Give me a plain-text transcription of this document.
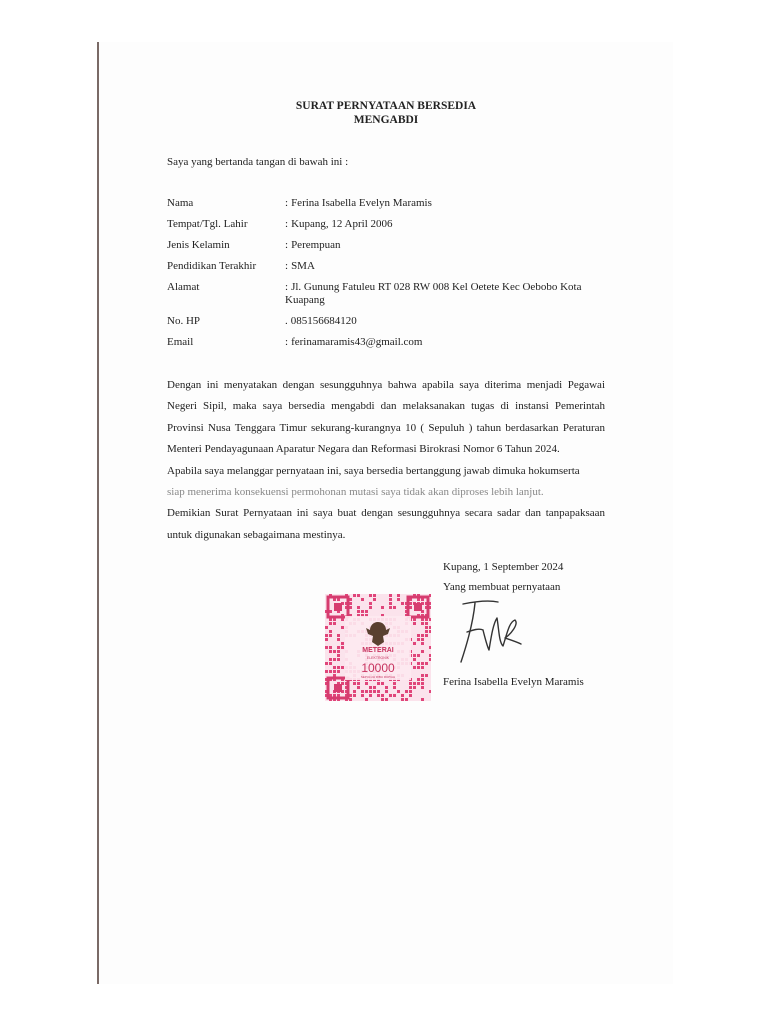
SURAT PERNYATAAN BERSEDIA
MENGABDI
Saya yang bertanda tangan di bawah ini :
Nama	: Ferina Isabella Evelyn Maramis
Tempat/Tgl. Lahir	: Kupang, 12 April 2006
Jenis Kelamin	: Perempuan
Pendidikan Terakhir	: SMA
Alamat	: Jl. Gunung Fatuleu RT 028 RW 008 Kel Oetete Kec Oebobo Kota Kuapang
No. HP	. 085156684120
Email	: ferinamaramis43@gmail.com

Dengan ini menyatakan dengan sesungguhnya bahwa apabila saya diterima menjadi Pegawai Negeri Sipil, maka saya bersedia mengabdi dan melaksanakan tugas di instansi Pemerintah Provinsi Nusa Tenggara Timur sekurang-kurangnya 10 ( Sepuluh ) tahun berdasarkan Peraturan Menteri Pendayagunaan Aparatur Negara dan Reformasi Birokrasi Nomor 6 Tahun 2024.

Apabila saya melanggar pernyataan ini, saya bersedia bertanggung jawab dimuka hokumserta

siap menerima konsekuensi permohonan mutasi saya tidak akan diproses lebih lanjut.

Demikian Surat Pernyataan ini saya buat dengan sesungguhnya secara sadar dan tanpapaksaan untuk digunakan sebagaimana mestinya.

Kupang, 1 September 2024
Yang membuat pernyataan
Ferina Isabella Evelyn Maramis
METERAI
ELEKTRONIK
10000
SEPULUH RIBU RUPIAH
